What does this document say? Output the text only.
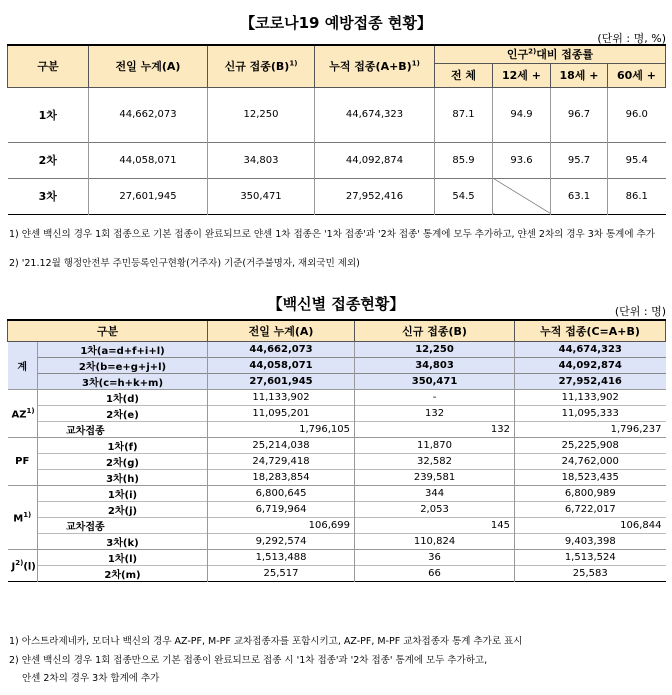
【코로나19 예방접종 현황】
(단위 : 명, %)
구분	전일 누계(A)	신규 접종$(B)^{1)}$	누적 접종$(A+B)^{1)}$	인구$^{2)}$대비 접종률			
				전 체	12세 +	18세 +	60세 +
1차	44,662,073	12,250	44,674,323	87.1	94.9	96.7	96.0
2차	44,058,071	34,803	44,092,874	85.9	93.6	95.7	95.4
3차	27,601,945	350,471	27,952,416	54.5		63.1	86.1
1) 얀센 백신의 경우 1회 접종으로 기본 접종이 완료되므로 얀센 1차 접종은 '1차 접종'과 '2차 접종' 통계에 모두 추가하고, 얀센 2차의 경우 3차 통계에 추가
2) '21.12월 행정안전부 주민등록인구현황(거주자) 기준(거주불명자, 재외국민 제외)
【백신별 접종현황】	(단위 : 명)
구분		전일 누계(A)	신규 접종(B)	누적 접종(C=A+B)
계	1차(a=d+f+i+l)	44,662,073	12,250	44,674,323
	2차(b=e+g+j+l)	44,058,071	34,803	44,092,874
	3차(c=h+k+m)	27,601,945	350,471	27,952,416
AZ$^{1)}$	1차(d)	11,133,902	-	11,133,902
	2차(e)	11,095,201	132	11,095,333
	교차접종	1,796,105	132	1,796,237
PF	1차(f)	25,214,038	11,870	25,225,908
	2차(g)	24,729,418	32,582	24,762,000
	3차(h)	18,283,854	239,581	18,523,435
$M^{1)}$	1차(i)	6,800,645	344	6,800,989
	2차(j)	6,719,964	2,053	6,722,017
	교차접종	106,699	145	106,844
	3차(k)	9,292,574	110,824	9,403,398
$J^{2)}(l)$	1차(l)	1,513,488	36	1,513,524
	2차(m)	25,517	66	25,583
1) 아스트라제네카, 모더나 백신의 경우 AZ-PF, M-PF 교차접종자를 포함시키고, AZ-PF, M-PF 교차접종자 통계 추가로 표시
2) 얀센 백신의 경우 1회 접종만으로 기본 접종이 완료되므로 접종 시 '1차 접종'과 '2차 접종' 통계에 모두 추가하고,
안센 2차의 경우 3차 합계에 추가
